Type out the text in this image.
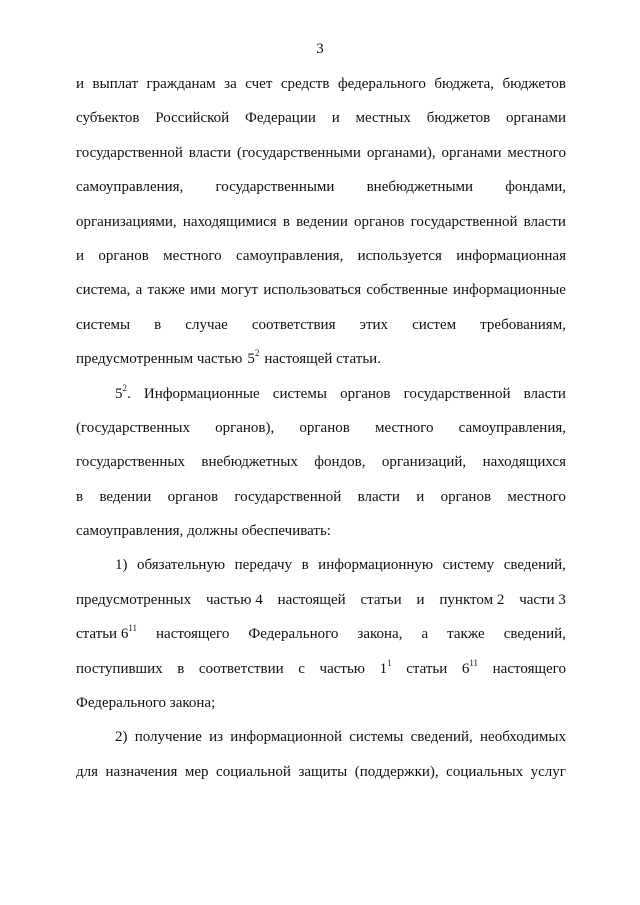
3
и выплат гражданам за счет средств федерального бюджета, бюджетов
субъектов Российской Федерации и местных бюджетов органами
государственной власти (государственными органами), органами местного
самоуправления, государственными внебюджетными фондами,
организациями, находящимися в ведении органов государственной власти
и органов местного самоуправления, используется информационная
система, а также ими могут использоваться собственные информационные
системы в случае соответствия этих систем требованиям,
предусмотренным частью $5^2$ настоящей статьи.
$5^2$. Информационные системы органов государственной власти
(государственных органов), органов местного самоуправления,
государственных внебюджетных фондов, организаций, находящихся
в ведении органов государственной власти и органов местного
самоуправления, должны обеспечивать:
1) обязательную передачу в информационную систему сведений,
предусмотренных частью 4 настоящей статьи и пунктом 2 части 3
статьи $6^{11}$ настоящего Федерального закона, а также сведений,
поступивших в соответствии с частью $1^1$ статьи $6^{11}$ настоящего
Федерального закона;
2) получение из информационной системы сведений, необходимых
для назначения мер социальной защиты (поддержки), социальных услуг
